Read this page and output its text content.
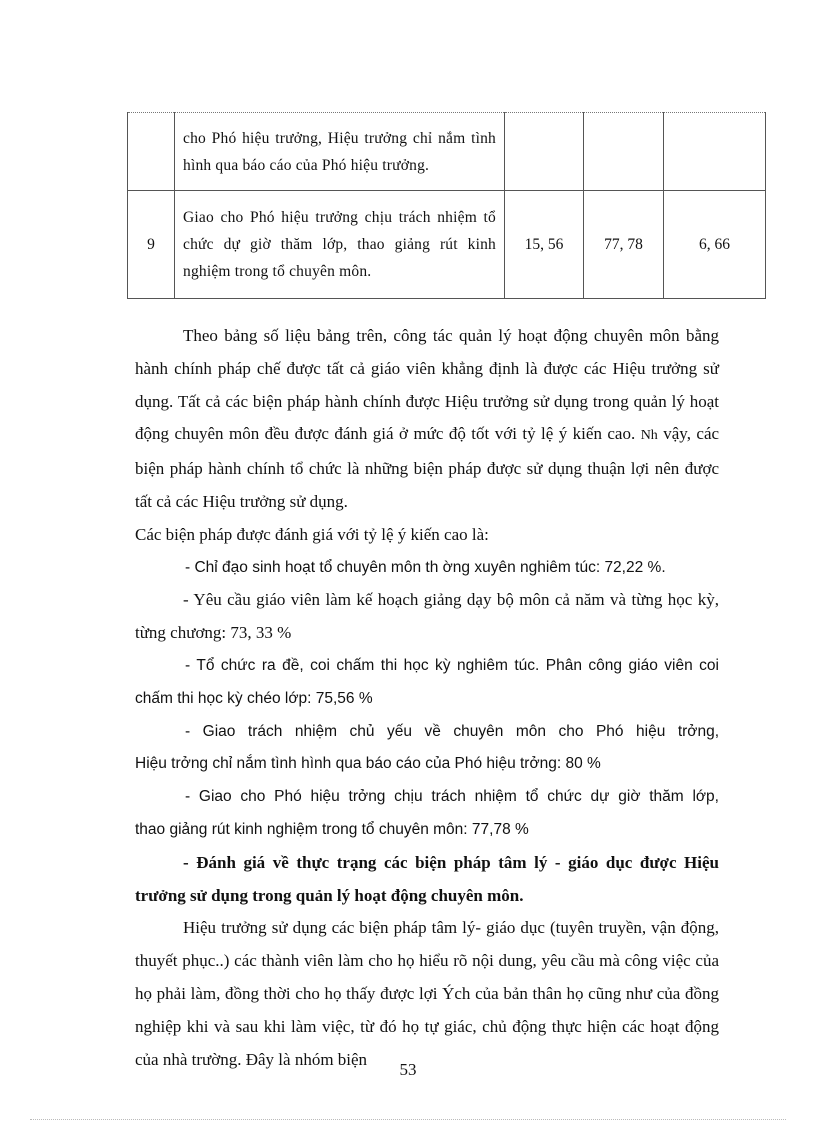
	cho Phó hiệu trưởng, Hiệu trưởng chỉ nắm tình hình qua báo cáo của Phó hiệu trưởng.			
9	Giao cho Phó hiệu trưởng chịu trách nhiệm tổ chức dự giờ thăm lớp, thao giảng rút kinh nghiệm trong tổ chuyên môn.	15, 56	77, 78	6, 66

Theo bảng số liệu bảng trên, công tác quản lý hoạt động chuyên môn bằng hành chính pháp chế được tất cả giáo viên khẳng định là được các Hiệu trưởng sử dụng. Tất cả các biện pháp hành chính được Hiệu trưởng sử dụng trong quản lý hoạt động chuyên môn đều được đánh giá ở mức độ tốt với tỷ lệ ý kiến cao. Nh vậy, các biện pháp hành chính tổ chức là những biện pháp được sử dụng thuận lợi nên được tất cả các Hiệu trưởng sử dụng.

Các biện pháp được đánh giá với tỷ lệ ý kiến cao là:

- Chỉ đạo sinh hoạt tổ chuyên môn th ờng xuyên nghiêm túc: 72,22 %.

- Yêu cầu giáo viên làm kế hoạch giảng dạy bộ môn cả năm và từng học kỳ, từng chương: 73, 33 %

- Tổ chức ra đề, coi chấm thi học kỳ nghiêm túc. Phân công giáo viên coi chấm thi học kỳ chéo lớp: 75,56 %

- Giao trách nhiệm chủ yếu về chuyên môn cho Phó hiệu trởng,

Hiệu trởng chỉ nắm tình hình qua báo cáo của Phó hiệu trởng: 80 %

- Giao cho Phó hiệu trởng chịu trách nhiệm tổ chức dự giờ thăm lớp,

thao giảng rút kinh nghiệm trong tổ chuyên môn: 77,78 %

- Đánh giá về thực trạng các biện pháp tâm lý - giáo dục được Hiệu trưởng sử dụng trong quản lý hoạt động chuyên môn.

Hiệu trưởng sử dụng các biện pháp tâm lý- giáo dục (tuyên truyền, vận động, thuyết phục..) các thành viên làm cho họ hiểu rõ nội dung, yêu cầu mà công việc của họ phải làm, đồng thời cho họ thấy được lợi Ých của bản thân họ cũng như của đồng nghiệp khi và sau khi làm việc, từ đó họ tự giác, chủ động thực hiện các hoạt động của nhà trường. Đây là nhóm biện

53
